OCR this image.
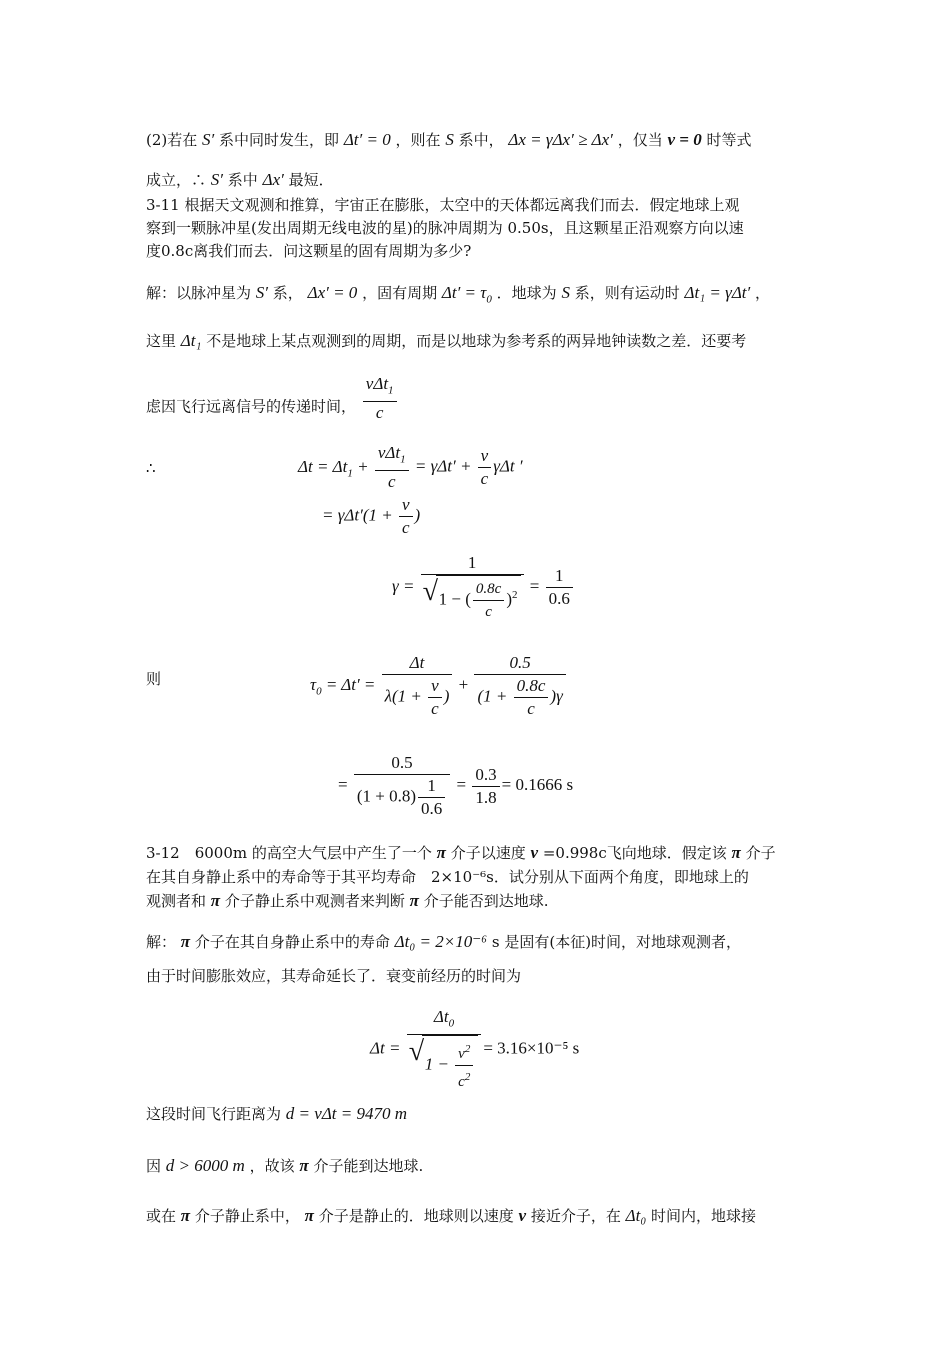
(2)若在 S′ 系中同时发生，即 Δt′ = 0 ，则在 S 系中， Δx = γΔx′ ≥ Δx′ ，仅当 v = 0 时等式
成立，∴ S′ 系中 Δx′ 最短．
3-11 根据天文观测和推算，宇宙正在膨胀，太空中的天体都远离我们而去．假定地球上观
察到一颗脉冲星(发出周期无线电波的星)的脉冲周期为 0.50s，且这颗星正沿观察方向以速
度0.8c离我们而去．问这颗星的固有周期为多少?
解：以脉冲星为 S′ 系， Δx′ = 0 ，固有周期 $\Delta t' = \tau_0$ ．地球为 S 系，则有运动时 Δt₁ = γΔt′ ，
这里 Δt₁ 不是地球上某点观测到的周期，而是以地球为参考系的两异地钟读数之差．还要考
虑因飞行远离信号的传递时间， $\frac{v\Delta t_1}{c}$
∴	$\Delta t = \Delta t_1 + \frac{v\Delta t_1}{c} = \gamma\Delta t' + \frac{v}{c}$ γΔt ′
= $\gamma\Delta t'(1 + \frac{v}{c}$ )
γ = 1
√ 1 − ( $\frac{0.8c}{c} )^2 = \frac{1}{0.6}$
则	$\tau_0 = \Delta t' = \frac{\Delta t}{\lambda(1 + \frac{v}{c} )} + \frac{0.5}{(1 + \frac{0.8c}{c} )\gamma}$
= $\frac{0.5}{(1 + 0.8) \frac{1}{0.6}} = \frac{0.3}{1.8} = 0.1666$ s
3-12　6000m 的高空大气层中产生了一个 π 介子以速度 v =0.998c飞向地球．假定该 π 介子
在其自身静止系中的寿命等于其平均寿命　2×10⁻⁶s．试分别从下面两个角度，即地球上的
观测者和 π 介子静止系中观测者来判断 π 介子能否到达地球.
解： π 介子在其自身静止系中的寿命 Δt₀ = 2×10⁻⁶ s 是固有(本征)时间，对地球观测者，
由于时间膨胀效应，其寿命延长了．衰变前经历的时间为
$\Delta t = \Delta t_0$
√ $1 - \frac{v^2}{c^2} = 3.16\times 10^{-5}$ s
这段时间飞行距离为 d = vΔt = 9470 m
因 d > 6000 m ，故该 π 介子能到达地球.
或在 π 介子静止系中， π 介子是静止的．地球则以速度 v 接近介子，在 Δt₀ 时间内，地球接
